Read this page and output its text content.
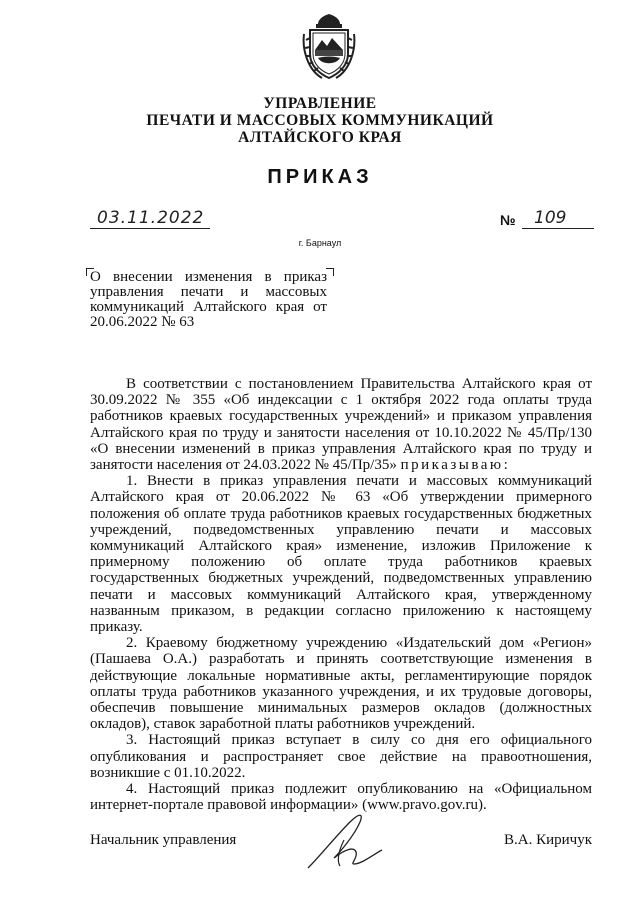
УПРАВЛЕНИЕ
ПЕЧАТИ И МАССОВЫХ КОММУНИКАЦИЙ
АЛТАЙСКОГО КРАЯ
ПРИКАЗ
03.11.2022	№ 109
г. Барнаул
О внесении изменения в приказ
управления печати и массовых
коммуникаций Алтайского края от
20.06.2022 № 63

В соответствии с постановлением Правительства Алтайского края от 30.09.2022 № 355 «Об индексации с 1 октября 2022 года оплаты труда работников краевых государственных учреждений» и приказом управления Алтайского края по труду и занятости населения от 10.10.2022 № 45/Пр/130 «О внесении изменений в приказ управления Алтайского края по труду и занятости населения от 24.03.2022 № 45/Пр/35» приказываю:

1. Внести в приказ управления печати и массовых коммуникаций Алтайского края от 20.06.2022 № 63 «Об утверждении примерного положения об оплате труда работников краевых государственных бюджетных учреждений, подведомственных управлению печати и массовых коммуникаций Алтайского края» изменение, изложив Приложение к примерному положению об оплате труда работников краевых государственных бюджетных учреждений, подведомственных управлению печати и массовых коммуникаций Алтайского края, утвержденному названным приказом, в редакции согласно приложению к настоящему приказу.

2. Краевому бюджетному учреждению «Издательский дом «Регион» (Пашаева О.А.) разработать и принять соответствующие изменения в действующие локальные нормативные акты, регламентирующие порядок оплаты труда работников указанного учреждения, и их трудовые договоры, обеспечив повышение минимальных размеров окладов (должностных окладов), ставок заработной платы работников учреждений.

3. Настоящий приказ вступает в силу со дня его официального опубликования и распространяет свое действие на правоотношения, возникшие с 01.10.2022.

4. Настоящий приказ подлежит опубликованию на «Официальном интернет-портале правовой информации» (www.pravo.gov.ru).

Начальник управления	В.А. Киричук
